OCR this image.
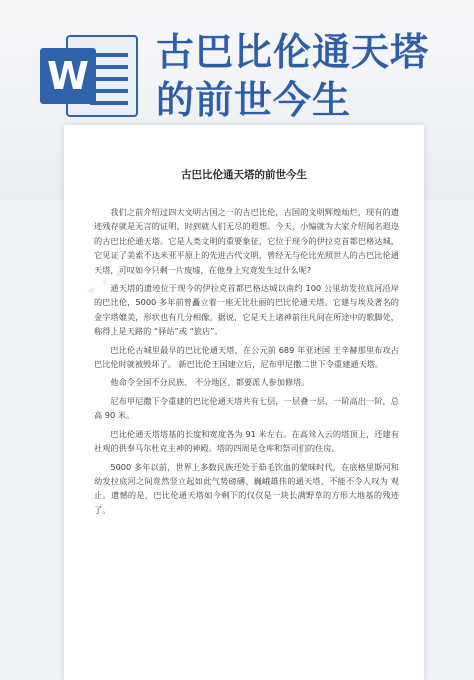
W
古巴比伦通天塔的前世今生
✦ ✦ ✦
✦ ✦ ✦
古巴比伦通天塔的前世今生

我们之前介绍过四大文明古国之一的古巴比伦，古国的文明辉煌灿烂，现有的遗迹残存就是无言的证明，时到就人们无尽的遐想。今天，小编就为大家介绍闻名遐迩的古巴比伦通天塔。它是人类文明的重要象征，它位于现今的伊拉克首都巴格达城，它见证了美索不达米亚平原上的先进古代文明，曾经无与伦比光照世人的古巴比伦通天塔，可叹如今只剩一片废墟，在他身上究竟发生过什么呢?

通天塔的遗迹位于现今的伊拉克首都巴格达城以南约 100 公里幼发拉底河沿岸的巴比伦，5000 多年前曾矗立着一座无比壮丽的巴比伦通天塔。它建与埃及著名的金字塔媲美，形状也有几分相像。据说，它是天上诸神前往凡间在所途中的歌脚处，称得上是天路的 “驿站”或 “旅店”。

巴比伦古城里最早的巴比伦通天塔，在公元前 689 年亚述国 王辛赫那里布攻占巴比伦时就被毁坏了。 新巴比伦王国建立后，尼布甲尼撒二世下令重建通天塔。

他命令全国不分民族、 不分地区，都要派人参加修塔。

尼布甲尼撒下令重建的巴比伦通天塔共有七层，一层叠一层，一阶高出一阶，总高 90 米。

巴比伦通天塔塔基的长度和宽度各为 91 米左右。在高耸入云的塔顶上，还建有社观的供奉马尔杜克主神的神殿。塔的四周是仓库和祭司们的住房。

5000 多年以前，世界上多数民族还处于茹毛饮血的蒙昧时代，在底格里斯河和 幼发拉底河之间竟然竖立起如此气势磅礴、巍峨雄伟的通天塔，不能不令人叹为 观 止。遗憾的是，巴比伦通天塔如今剩下的仅仅是一块长满野草的方形大地基的残迹了。
